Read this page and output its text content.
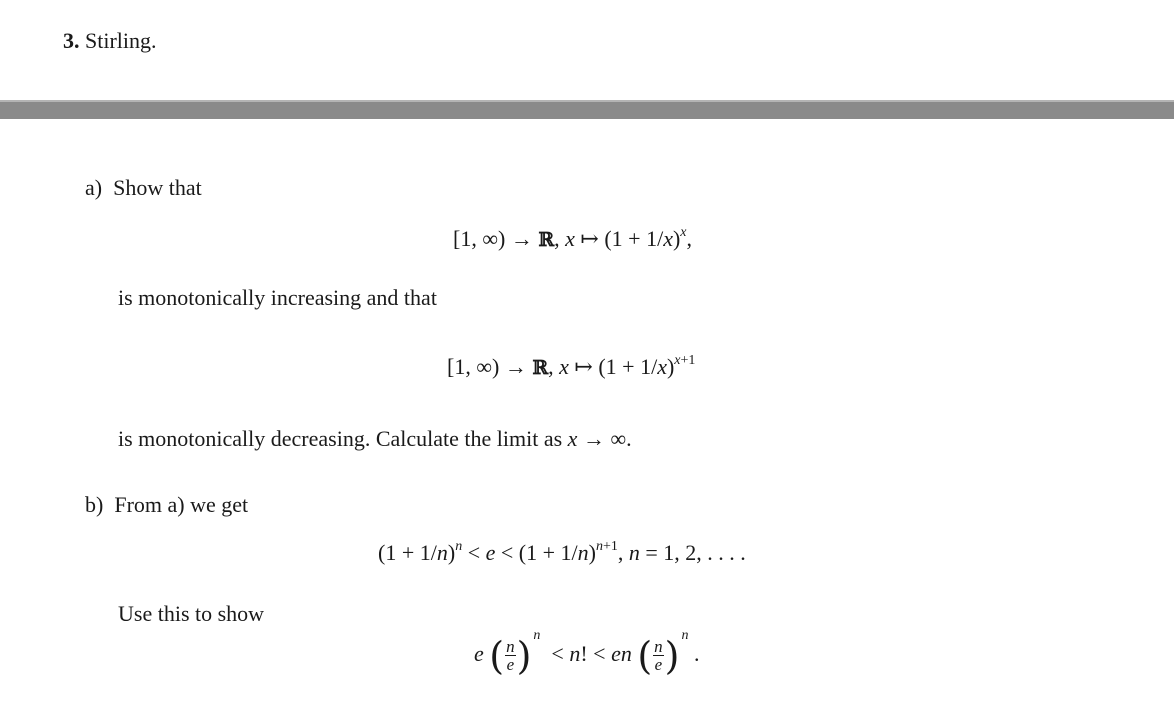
3. Stirling.
a) Show that
[1, ∞) → ℝ, x ↦ $(1 + 1/x)^x$,
is monotonically increasing and that
[1, ∞) → ℝ, x ↦ $(1 + 1/x)^{x+1}$
is monotonically decreasing. Calculate the limit as x → ∞.
b) From a) we get
$(1 + 1/n)^n < e < (1 + 1/n)^{n+1}$, n = 1, 2, . . . .
Use this to show
e ( $\frac{n}{e}$ ) $^n$  < n! < en ( $\frac{n}{e}$ ) $^n$ .
